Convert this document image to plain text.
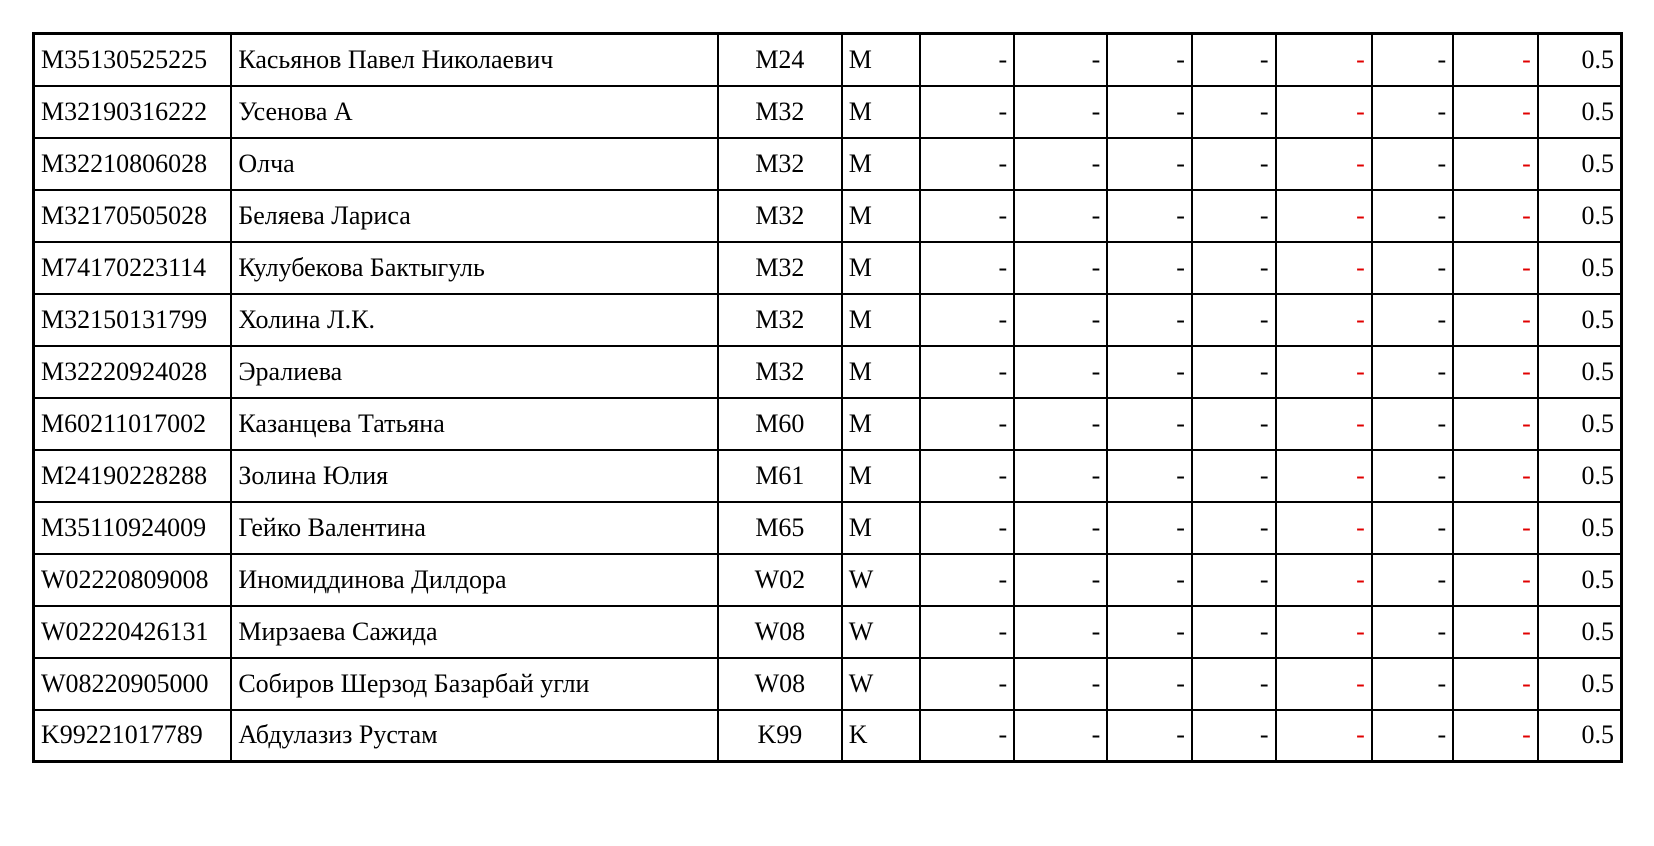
M35130525225	Касьянов Павел Николаевич	M24	M	-	-	-	-	-	-	-	0.5
M32190316222	Усенова А	M32	M	-	-	-	-	-	-	-	0.5
M32210806028	Олча	M32	M	-	-	-	-	-	-	-	0.5
M32170505028	Беляева Лариса	M32	M	-	-	-	-	-	-	-	0.5
M74170223114	Кулубекова Бактыгуль	M32	M	-	-	-	-	-	-	-	0.5
M32150131799	Холина Л.К.	M32	M	-	-	-	-	-	-	-	0.5
M32220924028	Эралиева	M32	M	-	-	-	-	-	-	-	0.5
M60211017002	Казанцева Татьяна	M60	M	-	-	-	-	-	-	-	0.5
M24190228288	Золина Юлия	M61	M	-	-	-	-	-	-	-	0.5
M35110924009	Гейко Валентина	M65	M	-	-	-	-	-	-	-	0.5
W02220809008	Иномиддинова Дилдора	W02	W	-	-	-	-	-	-	-	0.5
W02220426131	Мирзаева Сажида	W08	W	-	-	-	-	-	-	-	0.5
W08220905000	Собиров Шерзод Базарбай угли	W08	W	-	-	-	-	-	-	-	0.5
K99221017789	Абдулазиз Рустам	K99	K	-	-	-	-	-	-	-	0.5
